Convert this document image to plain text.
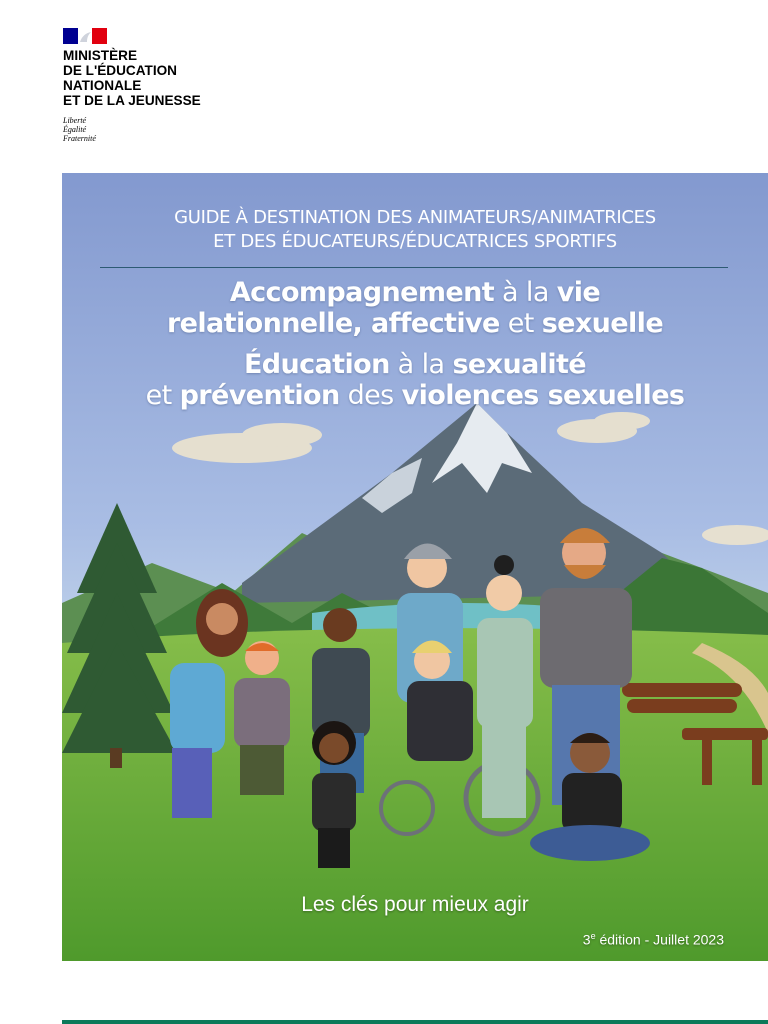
MINISTÈRE
DE L'ÉDUCATION
NATIONALE
ET DE LA JEUNESSE

Liberté
Égalité
Fraternité

GUIDE À DESTINATION DES ANIMATEURS/ANIMATRICES
ET DES ÉDUCATEURS/ÉDUCATRICES SPORTIFS

Accompagnement à la vie
relationnelle, affective et sexuelle
Éducation à la sexualité
et prévention des violences sexuelles

Les clés pour mieux agir

3e édition - Juillet 2023
